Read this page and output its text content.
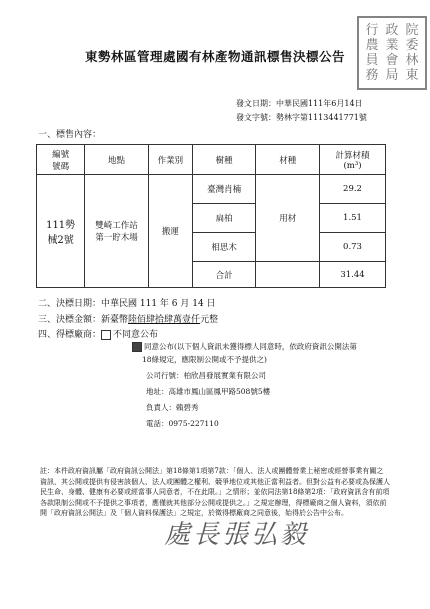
東勢林區管理處國有林產物通訊標售決標公告
行 政 院
農 業 委
員 會 林
務 局 東
發文日期：中華民國111年6月14日
發文字號：勢林字第1113441771號
一、標售內容：
編號
號碼	地點	作業別	樹種	材種	計算材積
(m³)
111勢
械2號	雙崎工作站
第一貯木場	搬運	臺灣肖楠	用材	29.2
			扁柏		1.51
			相思木		0.73
			合計		31.44
二、決標日期：中華民國 111 年 6 月 14 日
三、決標金額：新臺幣陸佰肆拾肆萬壹仟元整
四、得標廠商： 不同意公布
同意公布(以下個人資訊未獲得標人同意時，依政府資訊公開法第
18條規定，應限制公開或不予提供之)
公司行號：柏欣昌發展實業有限公司
地址：高雄市鳳山區鳳甲路508號5樓
負責人：賴碧秀
電話：0975-227110
註：本件政府資訊屬「政府資訊公開法」第18條第1項第7款：「個人、法人或團體營業上秘密或經營事業有關之資訊，其公開或提供有侵害該個人、法人或團體之權利、競爭地位或其他正當利益者。但對公益有必要或為保護人民生命、身體、健康有必要或經當事人同意者，不在此限。」之情形；並依同法第18條第2項：「政府資訊含有前項各款限制公開或不予提供之事項者，應僅就其他部分公開或提供之。」之規定辦理，得標廠商之個人資料，須依前開「政府資訊公開法」及「個人資料保護法」之規定，於徵得標廠商之同意後，始得於公告中公布。
處長張弘毅
